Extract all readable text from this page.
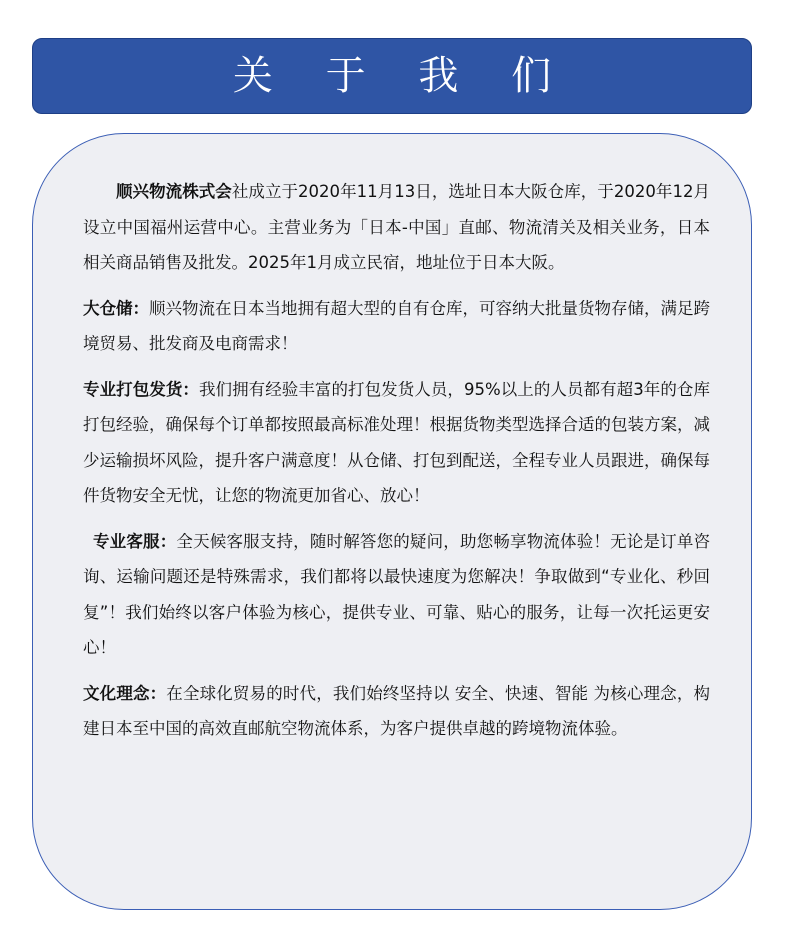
关 于 我 们

顺兴物流株式会社成立于2020年11月13日，选址日本大阪仓库，于2020年12月设立中国福州运营中心。主营业务为「日本-中国」直邮、物流清关及相关业务，日本相关商品销售及批发。2025年1月成立民宿，地址位于日本大阪。

大仓储：顺兴物流在日本当地拥有超大型的自有仓库，可容纳大批量货物存储，满足跨境贸易、批发商及电商需求！

专业打包发货：我们拥有经验丰富的打包发货人员，95%以上的人员都有超3年的仓库打包经验，确保每个订单都按照最高标准处理！根据货物类型选择合适的包装方案，减少运输损坏风险，提升客户满意度！从仓储、打包到配送，全程专业人员跟进，确保每件货物安全无忧，让您的物流更加省心、放心！

专业客服：全天候客服支持，随时解答您的疑问，助您畅享物流体验！无论是订单咨询、运输问题还是特殊需求，我们都将以最快速度为您解决！争取做到“专业化、秒回复”！我们始终以客户体验为核心，提供专业、可靠、贴心的服务，让每一次托运更安心！

文化理念：在全球化贸易的时代，我们始终坚持以 安全、快速、智能 为核心理念，构建日本至中国的高效直邮航空物流体系，为客户提供卓越的跨境物流体验。
